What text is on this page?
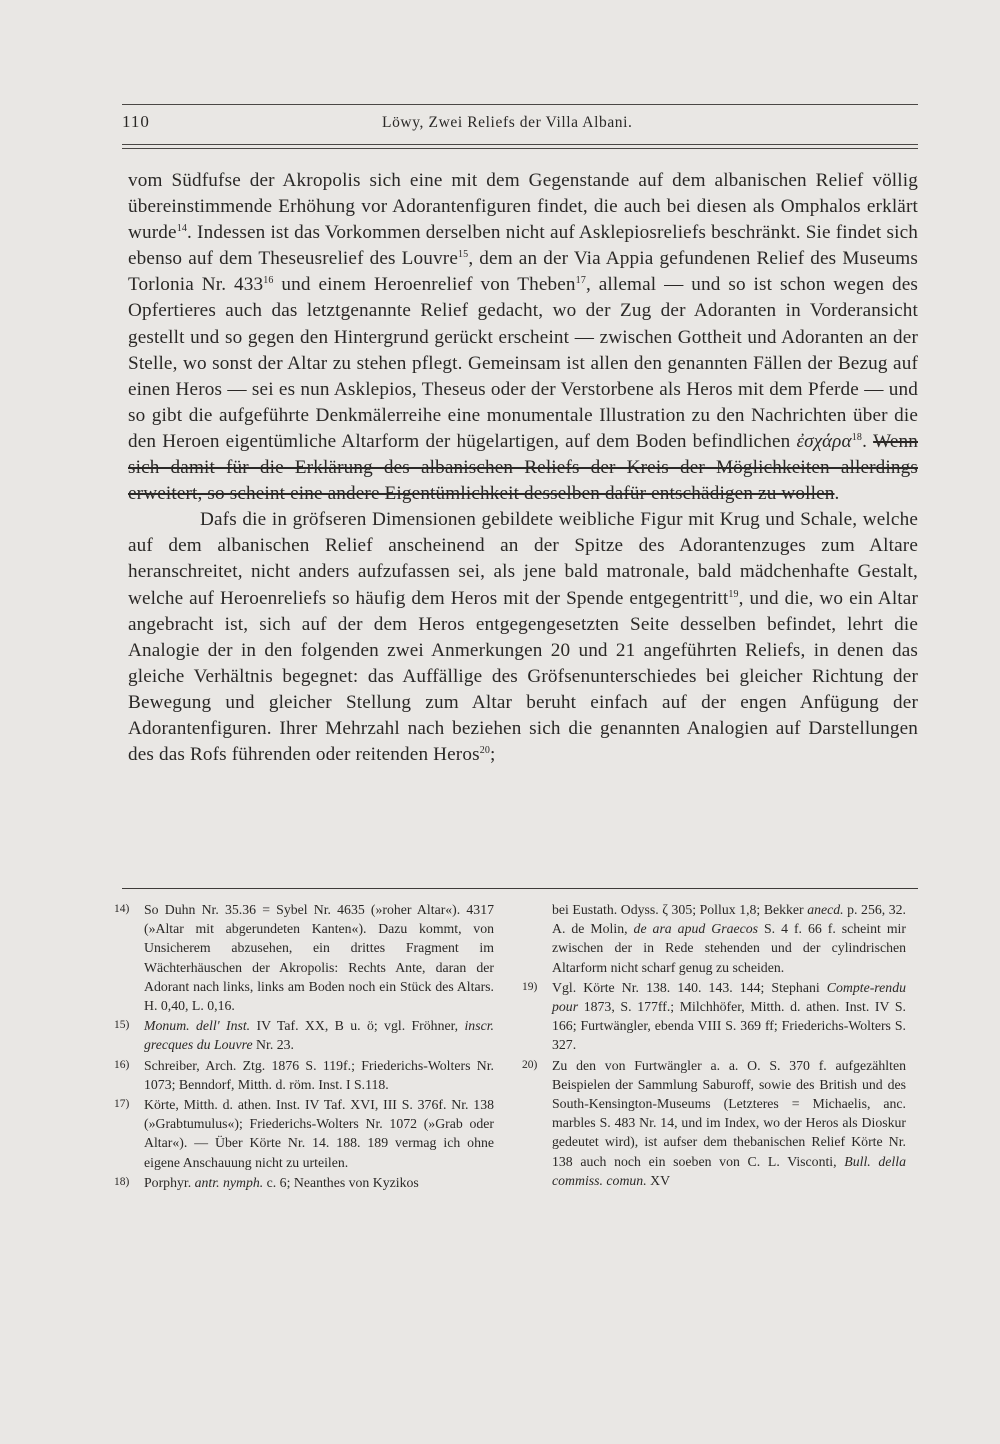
110	Löwy, Zwei Reliefs der Villa Albani.

vom Südfufse der Akropolis sich eine mit dem Gegenstande auf dem albanischen Relief völlig übereinstimmende Erhöhung vor Adorantenfiguren findet, die auch bei diesen als Omphalos erklärt wurde$^{14}$. Indessen ist das Vorkommen derselben nicht auf Asklepiosreliefs beschränkt. Sie findet sich ebenso auf dem Theseusrelief des Louvre$^{15}$, dem an der Via Appia gefundenen Relief des Museums Torlonia Nr. $433^{16}$ und einem Heroenrelief von Theben$^{17}$, allemal — und so ist schon wegen des Opfertieres auch das letztgenannte Relief gedacht, wo der Zug der Adoranten in Vorderansicht gestellt und so gegen den Hintergrund gerückt erscheint — zwischen Gottheit und Adoranten an der Stelle, wo sonst der Altar zu stehen pflegt. Gemeinsam ist allen den genannten Fällen der Bezug auf einen Heros — sei es nun Asklepios, Theseus oder der Verstorbene als Heros mit dem Pferde — und so gibt die aufgeführte Denkmälerreihe eine monumentale Illustration zu den Nachrichten über die den Heroen eigentümliche Altarform der hügelartigen, auf dem Boden befindlichen ἐσχάρα$^{18}$. Wenn sich damit für die Erklärung des albanischen Reliefs der Kreis der Möglichkeiten allerdings erweitert, so scheint eine andere Eigentümlichkeit desselben dafür entschädigen zu wollen.

Dafs die in gröfseren Dimensionen gebildete weibliche Figur mit Krug und Schale, welche auf dem albanischen Relief anscheinend an der Spitze des Adorantenzuges zum Altare heranschreitet, nicht anders aufzufassen sei, als jene bald matronale, bald mädchenhafte Gestalt, welche auf Heroenreliefs so häufig dem Heros mit der Spende entgegentritt$^{19}$, und die, wo ein Altar angebracht ist, sich auf der dem Heros entgegengesetzten Seite desselben befindet, lehrt die Analogie der in den folgenden zwei Anmerkungen 20 und 21 angeführten Reliefs, in denen das gleiche Verhältnis begegnet: das Auffällige des Gröfsenunterschiedes bei gleicher Richtung der Bewegung und gleicher Stellung zum Altar beruht einfach auf der engen Anfügung der Adorantenfiguren. Ihrer Mehrzahl nach beziehen sich die genannten Analogien auf Darstellungen des das Rofs führenden oder reitenden Heros$^{20}$;

14) So Duhn Nr. 35.36 = Sybel Nr. 4635 (»roher Altar«). 4317 (»Altar mit abgerundeten Kanten«). Dazu kommt, von Unsicherem abzusehen, ein drittes Fragment im Wächterhäuschen der Akropolis: Rechts Ante, daran der Adorant nach links, links am Boden noch ein Stück des Altars. H. 0,40, L. 0,16.

15) Monum. dell' Inst. IV Taf. XX, B u. ö; vgl. Fröhner, inscr. grecques du Louvre Nr. 23.

16) Schreiber, Arch. Ztg. 1876 S. 119f.; Friederichs-Wolters Nr. 1073; Benndorf, Mitth. d. röm. Inst. I S.118.

17) Körte, Mitth. d. athen. Inst. IV Taf. XVI, III S. 376f. Nr. 138 (»Grabtumulus«); Friederichs-Wolters Nr. 1072 (»Grab oder Altar«). — Über Körte Nr. 14. 188. 189 vermag ich ohne eigene Anschauung nicht zu urteilen.

18) Porphyr. antr. nymph. c. 6; Neanthes von Kyzikos

bei Eustath. Odyss. ζ 305; Pollux 1,8; Bekker anecd. p. 256, 32. A. de Molin, de ara apud Graecos S. 4 f. 66 f. scheint mir zwischen der in Rede stehenden und der cylindrischen Altarform nicht scharf genug zu scheiden.

19) Vgl. Körte Nr. 138. 140. 143. 144; Stephani Compte-rendu pour 1873, S. 177ff.; Milchhöfer, Mitth. d. athen. Inst. IV S. 166; Furtwängler, ebenda VIII S. 369 ff; Friederichs-Wolters S. 327.

20) Zu den von Furtwängler a. a. O. S. 370 f. aufgezählten Beispielen der Sammlung Saburoff, sowie des British und des South-Kensington-Museums (Letzteres = Michaelis, anc. marbles S. 483 Nr. 14, und im Index, wo der Heros als Dioskur gedeutet wird), ist aufser dem thebanischen Relief Körte Nr. 138 auch noch ein soeben von C. L. Visconti, Bull. della commiss. comun. XV
